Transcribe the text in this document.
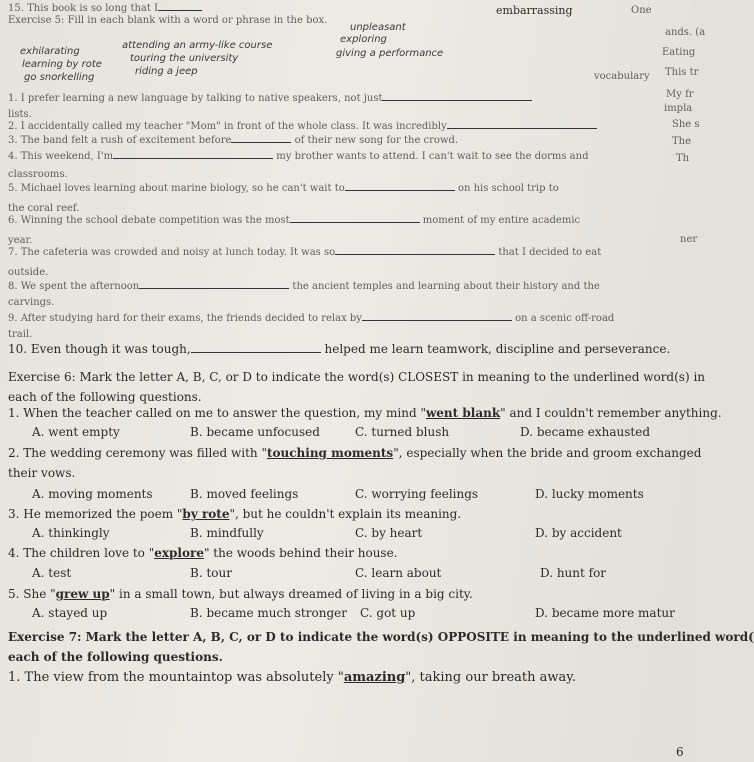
15. This book is so long that I
Exercise 5: Fill in each blank with a word or phrase in the box.
embarrassing	One
ands. (a
Eating
This tr
vocabulary
My fr
impla
She s
The
Th
ner
exhilarating
attending an army-like course
unpleasant
learning by rote
touring the university
exploring
giving a performance
go snorkelling
riding a jeep
1. I prefer learning a new language by talking to native speakers, not just
lists.
2. I accidentally called my teacher "Mom" in front of the whole class. It was incredibly
3. The band felt a rush of excitement before	of their new song for the crowd.
4. This weekend, I'm	my brother wants to attend. I can't wait to see the dorms and
classrooms.
5. Michael loves learning about marine biology, so he can't wait to	on his school trip to
the coral reef.
6. Winning the school debate competition was the most	moment of my entire academic
year.
7. The cafeteria was crowded and noisy at lunch today. It was so	that I decided to eat
outside.
8. We spent the afternoon	the ancient temples and learning about their history and the
carvings.
9. After studying hard for their exams, the friends decided to relax by	on a scenic off-road
trail.
10. Even though it was tough,	helped me learn teamwork, discipline and perseverance.
Exercise 6: Mark the letter A, B, C, or D to indicate the word(s) CLOSEST in meaning to the underlined word(s) in
each of the following questions.
1. When the teacher called on me to answer the question, my mind "went blank" and I couldn't remember anything.
A. went empty	B. became unfocused	C. turned blush	D. became exhausted
2. The wedding ceremony was filled with "touching moments", especially when the bride and groom exchanged
their vows.
A. moving moments	B. moved feelings	C. worrying feelings	D. lucky moments
3. He memorized the poem "by rote", but he couldn't explain its meaning.
A. thinkingly	B. mindfully	C. by heart	D. by accident
4. The children love to "explore" the woods behind their house.
A. test	B. tour	C. learn about	D. hunt for
5. She "grew up" in a small town, but always dreamed of living in a big city.
A. stayed up	B. became much stronger C. got up	D. became more matur
Exercise 7: Mark the letter A, B, C, or D to indicate the word(s) OPPOSITE in meaning to the underlined word(
each of the following questions.
1. The view from the mountaintop was absolutely "amazing", taking our breath away.
6
